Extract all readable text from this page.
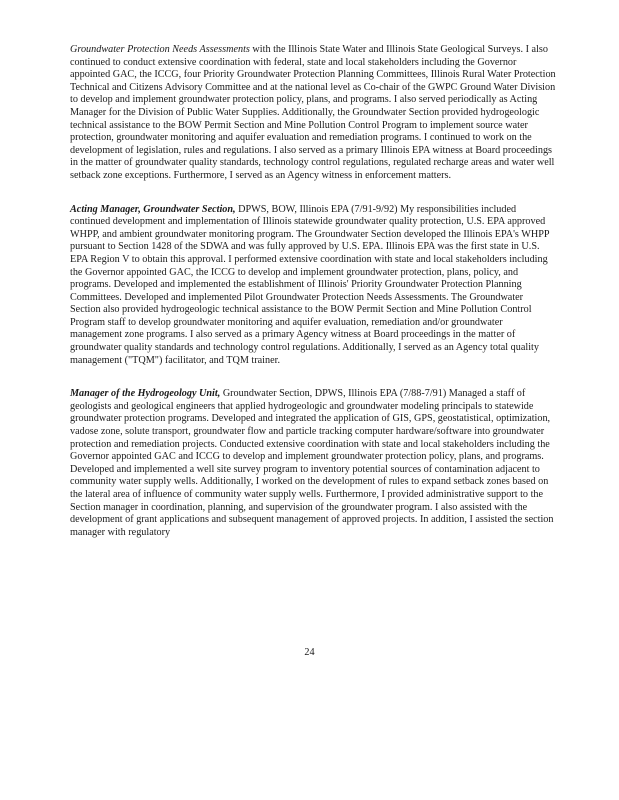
Groundwater Protection Needs Assessments with the Illinois State Water and Illinois State Geological Surveys. I also continued to conduct extensive coordination with federal, state and local stakeholders including the Governor appointed GAC, the ICCG, four Priority Groundwater Protection Planning Committees, Illinois Rural Water Protection Technical and Citizens Advisory Committee and at the national level as Co-chair of the GWPC Ground Water Division to develop and implement groundwater protection policy, plans, and programs. I also served periodically as Acting Manager for the Division of Public Water Supplies. Additionally, the Groundwater Section provided hydrogeologic technical assistance to the BOW Permit Section and Mine Pollution Control Program to implement source water protection, groundwater monitoring and aquifer evaluation and remediation programs. I continued to work on the development of legislation, rules and regulations. I also served as a primary Illinois EPA witness at Board proceedings in the matter of groundwater quality standards, technology control regulations, regulated recharge areas and water well setback zone exceptions. Furthermore, I served as an Agency witness in enforcement matters.

Acting Manager, Groundwater Section, DPWS, BOW, Illinois EPA (7/91-9/92) My responsibilities included continued development and implementation of Illinois statewide groundwater quality protection, U.S. EPA approved WHPP, and ambient groundwater monitoring program. The Groundwater Section developed the Illinois EPA's WHPP pursuant to Section 1428 of the SDWA and was fully approved by U.S. EPA. Illinois EPA was the first state in U.S. EPA Region V to obtain this approval. I performed extensive coordination with state and local stakeholders including the Governor appointed GAC, the ICCG to develop and implement groundwater protection, plans, policy, and programs. Developed and implemented the establishment of Illinois' Priority Groundwater Protection Planning Committees. Developed and implemented Pilot Groundwater Protection Needs Assessments. The Groundwater Section also provided hydrogeologic technical assistance to the BOW Permit Section and Mine Pollution Control Program staff to develop groundwater monitoring and aquifer evaluation, remediation and/or groundwater management zone programs. I also served as a primary Agency witness at Board proceedings in the matter of groundwater quality standards and technology control regulations. Additionally, I served as an Agency total quality management ("TQM") facilitator, and TQM trainer.

Manager of the Hydrogeology Unit, Groundwater Section, DPWS, Illinois EPA (7/88-7/91) Managed a staff of geologists and geological engineers that applied hydrogeologic and groundwater modeling principals to statewide groundwater protection programs. Developed and integrated the application of GIS, GPS, geostatistical, optimization, vadose zone, solute transport, groundwater flow and particle tracking computer hardware/software into groundwater protection and remediation projects. Conducted extensive coordination with state and local stakeholders including the Governor appointed GAC and ICCG to develop and implement groundwater protection policy, plans, and programs. Developed and implemented a well site survey program to inventory potential sources of contamination adjacent to community water supply wells. Additionally, I worked on the development of rules to expand setback zones based on the lateral area of influence of community water supply wells. Furthermore, I provided administrative support to the Section manager in coordination, planning, and supervision of the groundwater program. I also assisted with the development of grant applications and subsequent management of approved projects. In addition, I assisted the section manager with regulatory

24
